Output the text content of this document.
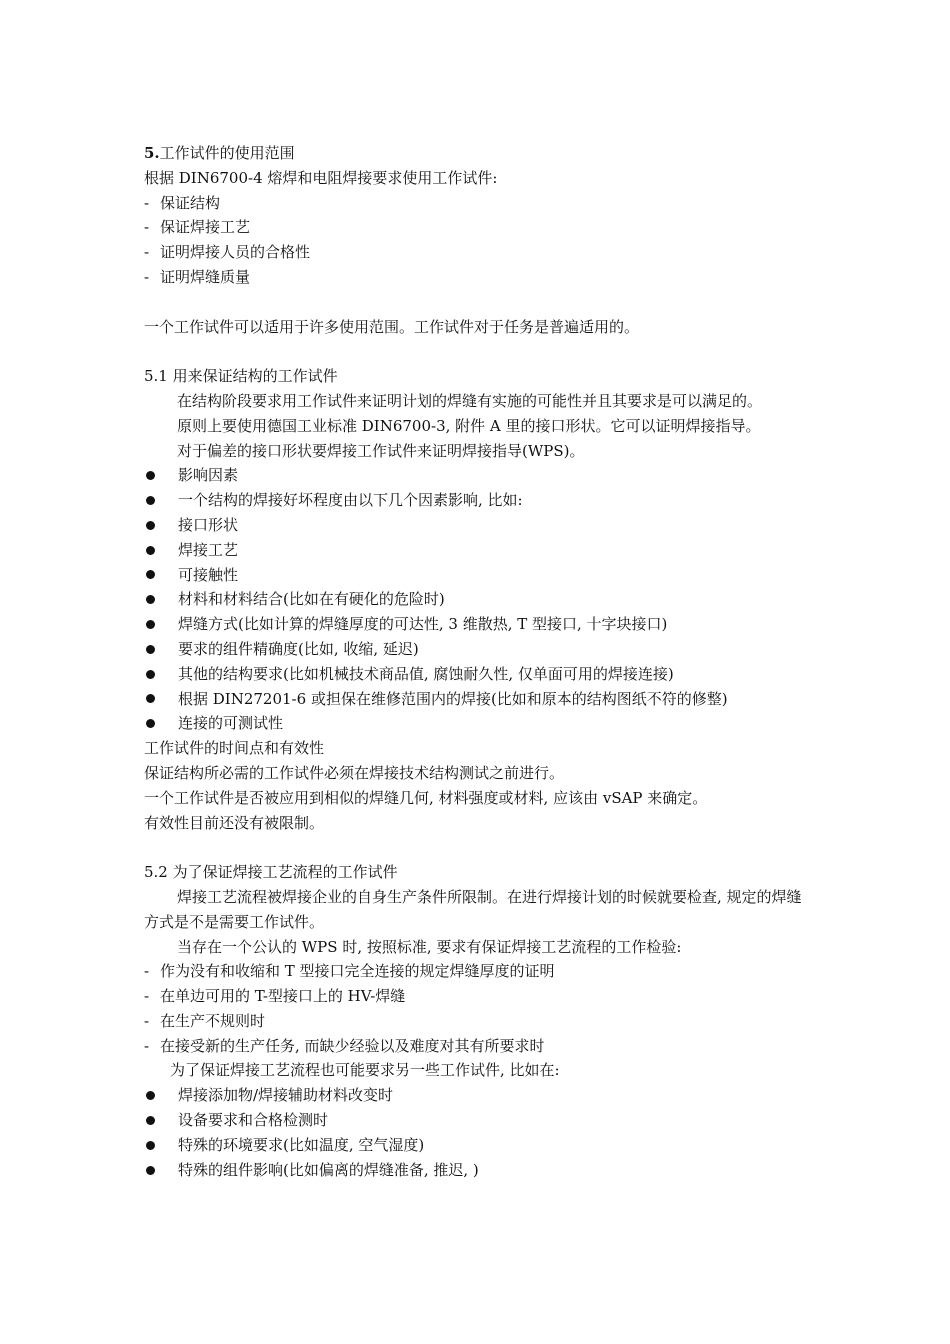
5.工作试件的使用范围
根据 DIN6700-4 熔焊和电阻焊接要求使用工作试件:
- 保证结构
- 保证焊接工艺
- 证明焊接人员的合格性
- 证明焊缝质量
一个工作试件可以适用于许多使用范围。工作试件对于任务是普遍适用的。
5.1 用来保证结构的工作试件
在结构阶段要求用工作试件来证明计划的焊缝有实施的可能性并且其要求是可以满足的。
原则上要使用德国工业标准 DIN6700-3, 附件 A 里的接口形状。它可以证明焊接指导。
对于偏差的接口形状要焊接工作试件来证明焊接指导(WPS)。
影响因素
一个结构的焊接好坏程度由以下几个因素影响, 比如:
接口形状
焊接工艺
可接触性
材料和材料结合(比如在有硬化的危险时)
焊缝方式(比如计算的焊缝厚度的可达性, 3 维散热, T 型接口, 十字块接口)
要求的组件精确度(比如, 收缩, 延迟)
其他的结构要求(比如机械技术商品值, 腐蚀耐久性, 仅单面可用的焊接连接)
根据 DIN27201-6 或担保在维修范围内的焊接(比如和原本的结构图纸不符的修整)
连接的可测试性
工作试件的时间点和有效性
保证结构所必需的工作试件必须在焊接技术结构测试之前进行。
一个工作试件是否被应用到相似的焊缝几何, 材料强度或材料, 应该由 vSAP 来确定。
有效性目前还没有被限制。
5.2 为了保证焊接工艺流程的工作试件
焊接工艺流程被焊接企业的自身生产条件所限制。在进行焊接计划的时候就要检查, 规定的焊缝方式是不是需要工作试件。
当存在一个公认的 WPS 时, 按照标准, 要求有保证焊接工艺流程的工作检验:
- 作为没有和收缩和 T 型接口完全连接的规定焊缝厚度的证明
- 在单边可用的 T-型接口上的 HV-焊缝
- 在生产不规则时
- 在接受新的生产任务, 而缺少经验以及难度对其有所要求时
为了保证焊接工艺流程也可能要求另一些工作试件, 比如在:
焊接添加物/焊接辅助材料改变时
设备要求和合格检测时
特殊的环境要求(比如温度, 空气湿度)
特殊的组件影响(比如偏离的焊缝准备, 推迟, )
